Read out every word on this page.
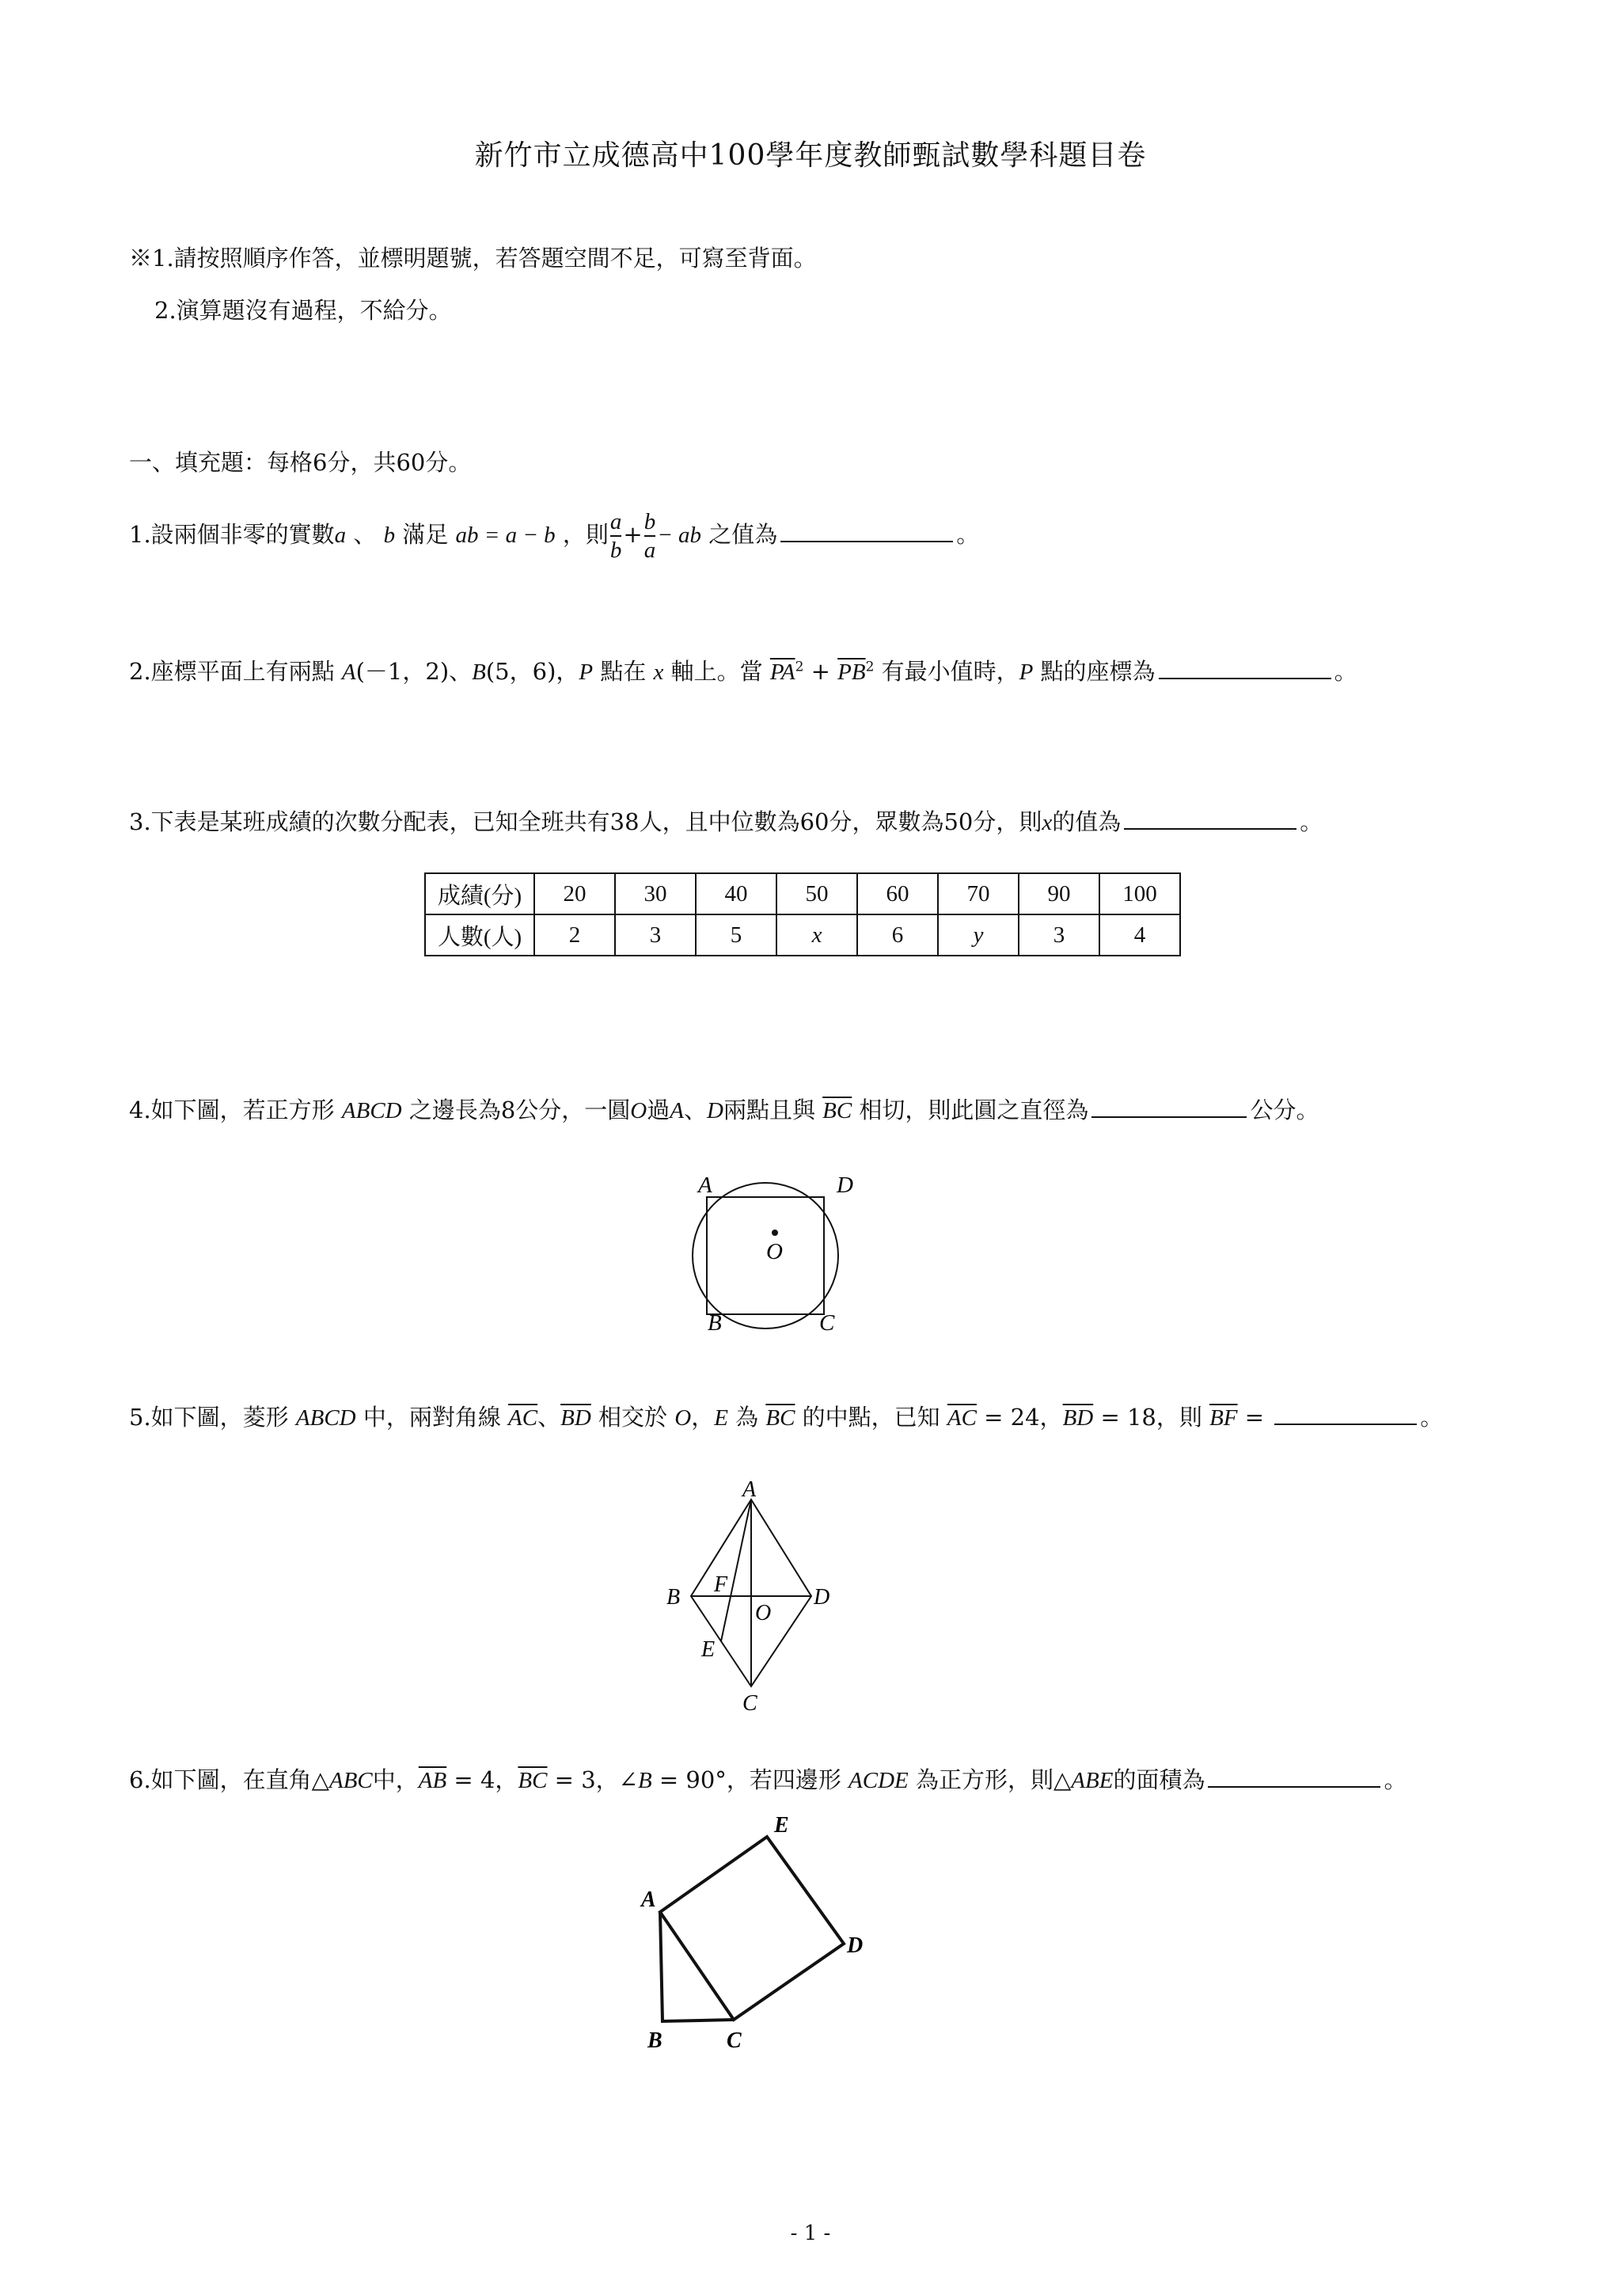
新竹市立成德高中100學年度教師甄試數學科題目卷
※1.請按照順序作答，並標明題號，若答題空間不足，可寫至背面。
2.演算題沒有過程，不給分。
一、填充題：每格6分，共60分。
1.設兩個非零的實數a 、 b 滿足 ab = a − b ，則 $\frac{a}{b} + \frac{b}{a}$ − ab 之值為	。
2.座標平面上有兩點 A(－1，2)、B(5，6)，P 點在 x 軸上。當 $\overline{PA}^2 + \overline{PB}^2$ 有最小值時，P 點的座標為	。
3.下表是某班成績的次數分配表，已知全班共有38人，且中位數為60分，眾數為50分，則x的值為	。
成績(分)	20	30	40	50	60	70	90	100
人數(人)	2	3	5	x	6	y	3	4
4.如下圖，若正方形 ABCD 之邊長為8公分，一圓O過A、D兩點且與 $\overline{BC}$ 相切，則此圓之直徑為	公分。
A	D
O
B	C
5.如下圖，菱形 ABCD 中，兩對角線 $\overline{AC}$、$\overline{BD}$ 相交於 O，E 為 $\overline{BC}$ 的中點，已知 $\overline{AC} = 24$，$\overline{BD} = 18$，則 $\overline{BF}$ =	。
A
B	D
C
E
F
O
6.如下圖，在直角△ABC中，$\overline{AB} = 4$，$\overline{BC} = 3$，∠B = 90°，若四邊形 ACDE 為正方形，則△ABE的面積為	。
A
B	C
D
E
- 1 -
